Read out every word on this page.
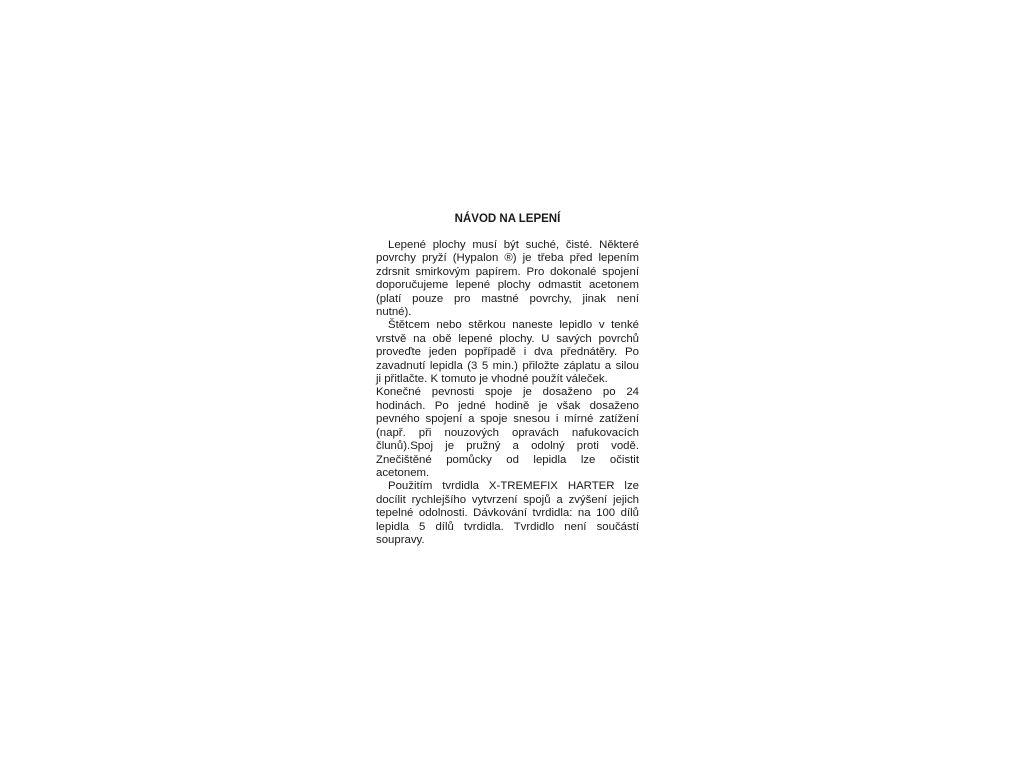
NÁVOD NA LEPENÍ
Lepené plochy musí být suché, čisté. Některé
povrchy pryží (Hypalon ®) je třeba před lepením
zdrsnit smirkovým papírem. Pro dokonalé spojení
doporučujeme lepené plochy odmastit acetonem
(platí pouze pro mastné povrchy, jinak není
nutné).
Štětcem nebo stěrkou naneste lepidlo v tenké
vrstvě na obě lepené plochy. U savých povrchů
proveďte jeden popřípadě i dva přednátěry. Po
zavadnutí lepidla (3 5 min.) přiložte záplatu a silou
ji přitlačte. K tomuto je vhodné použít váleček.
Konečné pevnosti spoje je dosaženo po 24
hodinách. Po jedné hodině je však dosaženo
pevného spojení a spoje snesou i mírné zatížení
(např. při nouzových opravách nafukovacích
člunů).Spoj je pružný a odolný proti vodě.
Znečištěné pomůcky od lepidla lze očistit
acetonem.
Použitím tvrdidla X-TREMEFIX HARTER lze
docílit rychlejšího vytvrzení spojů a zvýšení jejich
tepelné odolnosti. Dávkování tvrdidla: na 100 dílů
lepidla 5 dílů tvrdidla. Tvrdidlo není součástí
soupravy.
